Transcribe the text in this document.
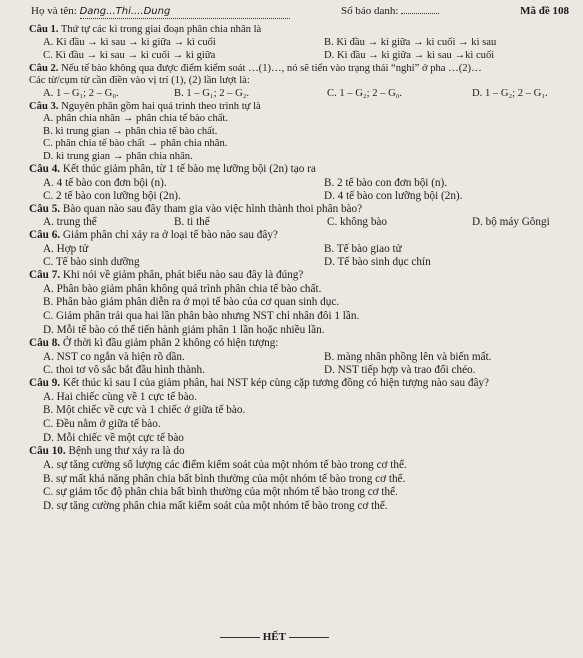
Họ và tên: Dang...Thi....Dung	Số báo danh:	Mã đề 108
Câu 1. Thứ tự các kì trong giai đoạn phân chia nhân là
A. Kì đầu → kì sau → kì giữa → kì cuối	B. Kì đầu → kì giữa → kì cuối → kì sau
C. Kì đầu → kì sau → kì cuối → kì giữa	D. Kì đầu → kì giữa → kì sau →kì cuối
Câu 2. Nếu tế bào không qua được điểm kiểm soát …(1)…, nó sẽ tiến vào trạng thái “nghỉ” ở pha …(2)…
Các từ/cụm từ cần điền vào vị trí (1), (2) lần lượt là:
A. 1 – G₁; 2 – G₀.	B. 1 – G₁; 2 – G₂.	C. 1 – G₂; 2 – G₀.	D. 1 – G₂; 2 – G₁.
Câu 3. Nguyên phân gồm hai quá trình theo trình tự là
A. phân chia nhân → phân chia tế bào chất.
B. kì trung gian → phân chia tế bào chất.
C. phân chia tế bào chất → phân chia nhân.
D. kì trung gian → phân chia nhân.
Câu 4. Kết thúc giảm phân, từ 1 tế bào mẹ lưỡng bội (2n) tạo ra
A. 4 tế bào con đơn bội (n).	B. 2 tế bào con đơn bội (n).
C. 2 tế bào con lưỡng bội (2n).	D. 4 tế bào con lưỡng bội (2n).
Câu 5. Bào quan nào sau đây tham gia vào việc hình thành thoi phân bào?
A. trung thể	B. ti thể	C. không bào	D. bộ máy Gôngi
Câu 6. Giảm phân chỉ xảy ra ở loại tế bào nào sau đây?
A. Hợp tử	B. Tế bào giao tử
C. Tế bào sinh dưỡng	D. Tế bào sinh dục chín
Câu 7. Khi nói về giảm phân, phát biểu nào sau đây là đúng?
A. Phân bào giảm phân không quá trình phân chia tế bào chất.
B. Phân bào giảm phân diễn ra ở mọi tế bào của cơ quan sinh dục.
C. Giảm phân trải qua hai lần phân bào nhưng NST chỉ nhân đôi 1 lần.
D. Mỗi tế bào có thể tiến hành giảm phân 1 lần hoặc nhiều lần.
Câu 8. Ở thời kì đầu giảm phân 2 không có hiện tượng:
A. NST co ngắn và hiện rõ dần.	B. màng nhân phồng lên và biến mất.
C. thoi tơ vô sắc bắt đầu hình thành.	D. NST tiếp hợp và trao đổi chéo.
Câu 9. Kết thúc kì sau I của giảm phân, hai NST kép cùng cặp tương đồng có hiện tượng nào sau đây?
A. Hai chiếc cùng về 1 cực tế bào.
B. Một chiếc về cực và 1 chiếc ở giữa tế bào.
C. Đều nằm ở giữa tế bào.
D. Mỗi chiếc về một cực tế bào
Câu 10. Bệnh ung thư xảy ra là do
A. sự tăng cường số lượng các điểm kiểm soát của một nhóm tế bào trong cơ thể.
B. sự mất khả năng phân chia bất bình thường của một nhóm tế bào trong cơ thể.
C. sự giảm tốc độ phân chia bất bình thường của một nhóm tế bào trong cơ thể.
D. sự tăng cường phân chia mất kiểm soát của một nhóm tế bào trong cơ thể.
HẾT
